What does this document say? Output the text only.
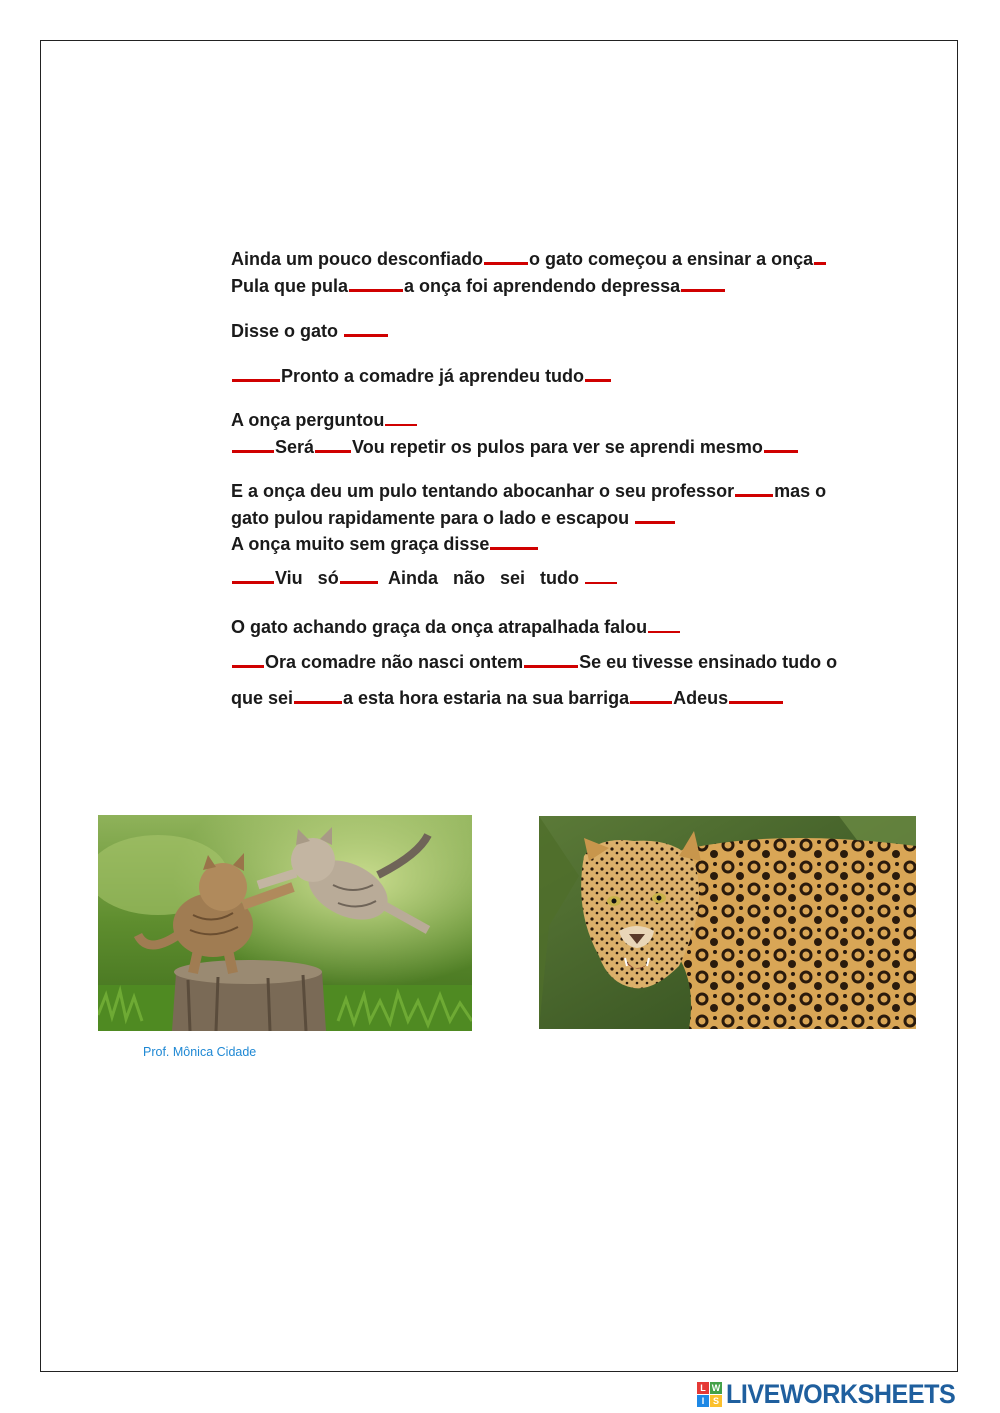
Ainda um pouco desconfiado	o gato começou a ensinar a onça
Pula que pula	a onça foi aprendendo depressa
Disse o gato
Pronto a comadre já aprendeu tudo
A onça perguntou
Será Vou repetir os pulos para ver se aprendi mesmo
E a onça deu um pulo tentando abocanhar o seu professor mas o
gato pulou rapidamente para o lado e escapou
A onça muito sem graça disse
Viu   só  Ainda   não   sei   tudo
O gato achando graça da onça atrapalhada falou
Ora comadre não nasci ontem	Se eu tivesse ensinado tudo o
que sei	a esta hora estaria na sua barriga Adeus
Prof. Mônica Cidade
L W
I S LIVEWORKSHEETS
